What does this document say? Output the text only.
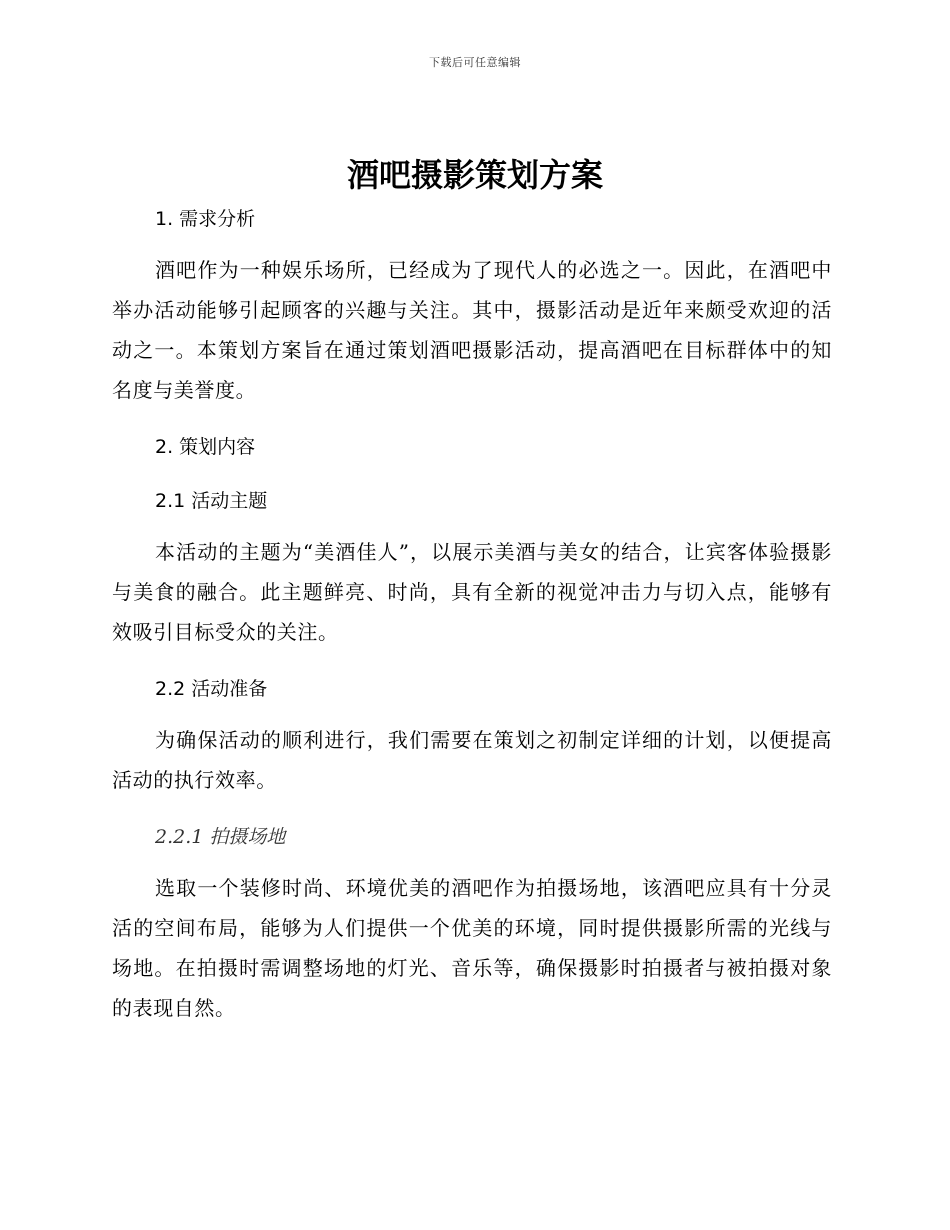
下载后可任意编辑
酒吧摄影策划方案
1. 需求分析

酒吧作为一种娱乐场所，已经成为了现代人的必选之一。因此，在酒吧中举办活动能够引起顾客的兴趣与关注。其中，摄影活动是近年来颇受欢迎的活动之一。本策划方案旨在通过策划酒吧摄影活动，提高酒吧在目标群体中的知名度与美誉度。

2. 策划内容
2.1 活动主题

本活动的主题为“美酒佳人”，以展示美酒与美女的结合，让宾客体验摄影与美食的融合。此主题鲜亮、时尚，具有全新的视觉冲击力与切入点，能够有效吸引目标受众的关注。

2.2 活动准备

为确保活动的顺利进行，我们需要在策划之初制定详细的计划，以便提高活动的执行效率。

2.2.1 拍摄场地

选取一个装修时尚、环境优美的酒吧作为拍摄场地，该酒吧应具有十分灵活的空间布局，能够为人们提供一个优美的环境，同时提供摄影所需的光线与场地。在拍摄时需调整场地的灯光、音乐等，确保摄影时拍摄者与被拍摄对象的表现自然。
